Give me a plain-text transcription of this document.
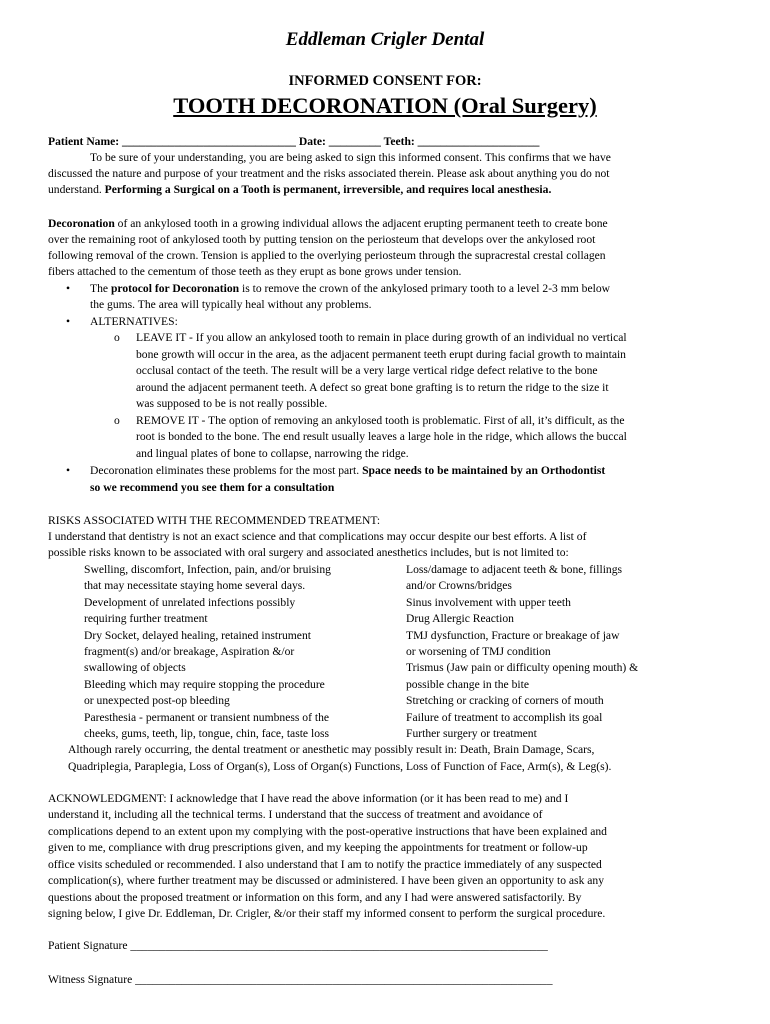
Eddleman Crigler Dental
INFORMED CONSENT FOR:
TOOTH DECORONATION (Oral Surgery)
Patient Name: ______________________________ Date: _________ Teeth: _____________________
To be sure of your understanding, you are being asked to sign this informed consent. This confirms that we have
discussed the nature and purpose of your treatment and the risks associated therein. Please ask about anything you do not
understand. Performing a Surgical on a Tooth is permanent, irreversible, and requires local anesthesia.
Decoronation of an ankylosed tooth in a growing individual allows the adjacent erupting permanent teeth to create bone
over the remaining root of ankylosed tooth by putting tension on the periosteum that develops over the ankylosed root
following removal of the crown. Tension is applied to the overlying periosteum through the supracrestal crestal collagen
fibers attached to the cementum of those teeth as they erupt as bone grows under tension.
• The protocol for Decoronation is to remove the crown of the ankylosed primary tooth to a level 2-3 mm below
the gums. The area will typically heal without any problems.
• ALTERNATIVES:
o LEAVE IT - If you allow an ankylosed tooth to remain in place during growth of an individual no vertical
bone growth will occur in the area, as the adjacent permanent teeth erupt during facial growth to maintain
occlusal contact of the teeth. The result will be a very large vertical ridge defect relative to the bone
around the adjacent permanent teeth. A defect so great bone grafting is to return the ridge to the size it
was supposed to be is not really possible.
o REMOVE IT - The option of removing an ankylosed tooth is problematic. First of all, it’s difficult, as the
root is bonded to the bone. The end result usually leaves a large hole in the ridge, which allows the buccal
and lingual plates of bone to collapse, narrowing the ridge.
• Decoronation eliminates these problems for the most part. Space needs to be maintained by an Orthodontist
so we recommend you see them for a consultation
RISKS ASSOCIATED WITH THE RECOMMENDED TREATMENT:
I understand that dentistry is not an exact science and that complications may occur despite our best efforts. A list of
possible risks known to be associated with oral surgery and associated anesthetics includes, but is not limited to:
Swelling, discomfort, Infection, pain, and/or bruising
that may necessitate staying home several days.
Development of unrelated infections possibly
requiring further treatment
Dry Socket, delayed healing, retained instrument
fragment(s) and/or breakage, Aspiration &/or
swallowing of objects
Bleeding which may require stopping the procedure
or unexpected post-op bleeding
Paresthesia - permanent or transient numbness of the
cheeks, gums, teeth, lip, tongue, chin, face, taste loss
Loss/damage to adjacent teeth & bone, fillings
and/or Crowns/bridges
Sinus involvement with upper teeth
Drug Allergic Reaction
TMJ dysfunction, Fracture or breakage of jaw
or worsening of TMJ condition
Trismus (Jaw pain or difficulty opening mouth) &
possible change in the bite
Stretching or cracking of corners of mouth
Failure of treatment to accomplish its goal
Further surgery or treatment
Although rarely occurring, the dental treatment or anesthetic may possibly result in: Death, Brain Damage, Scars,
Quadriplegia, Paraplegia, Loss of Organ(s), Loss of Organ(s) Functions, Loss of Function of Face, Arm(s), & Leg(s).
ACKNOWLEDGMENT: I acknowledge that I have read the above information (or it has been read to me) and I
understand it, including all the technical terms. I understand that the success of treatment and avoidance of
complications depend to an extent upon my complying with the post-operative instructions that have been explained and
given to me, compliance with drug prescriptions given, and my keeping the appointments for treatment or follow-up
office visits scheduled or recommended. I also understand that I am to notify the practice immediately of any suspected
complication(s), where further treatment may be discussed or administered. I have been given an opportunity to ask any
questions about the proposed treatment or information on this form, and any I had were answered satisfactorily. By
signing below, I give Dr. Eddleman, Dr. Crigler, &/or their staff my informed consent to perform the surgical procedure.
Patient Signature ________________________________________________________________________
Witness Signature ________________________________________________________________________
